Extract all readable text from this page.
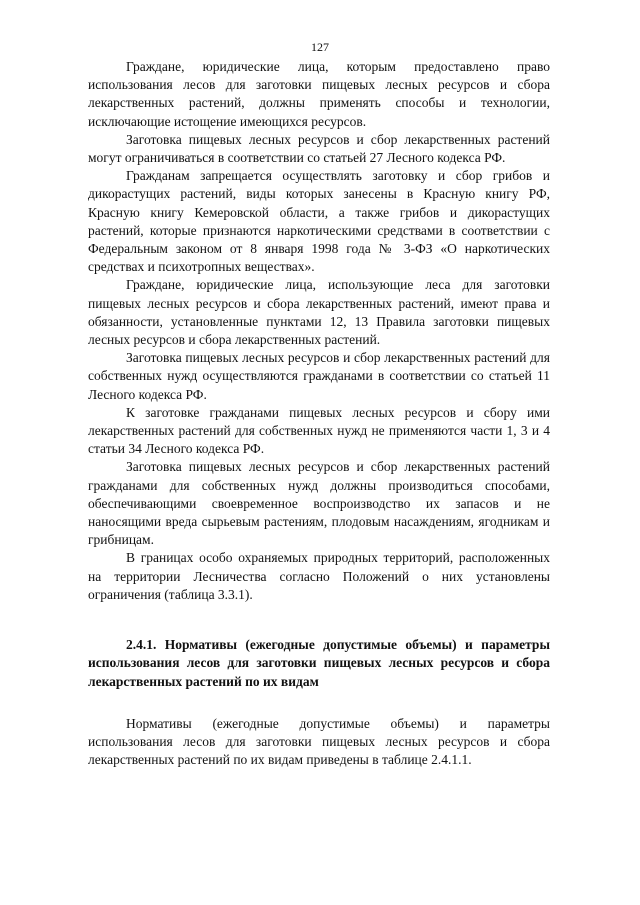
127

Граждане, юридические лица, которым предоставлено право использования лесов для заготовки пищевых лесных ресурсов и сбора лекарственных растений, должны применять способы и технологии, исключающие истощение имеющихся ресурсов.

Заготовка пищевых лесных ресурсов и сбор лекарственных растений могут ограничиваться в соответствии со статьей 27 Лесного кодекса РФ.

Гражданам запрещается осуществлять заготовку и сбор грибов и дикорастущих растений, виды которых занесены в Красную книгу РФ, Красную книгу Кемеровской области, а также грибов и дикорастущих растений, которые признаются наркотическими средствами в соответствии с Федеральным законом от 8 января 1998 года № 3-ФЗ «О наркотических средствах и психотропных веществах».

Граждане, юридические лица, использующие леса для заготовки пищевых лесных ресурсов и сбора лекарственных растений, имеют права и обязанности, установленные пунктами 12, 13 Правила заготовки пищевых лесных ресурсов и сбора лекарственных растений.

Заготовка пищевых лесных ресурсов и сбор лекарственных растений для собственных нужд осуществляются гражданами в соответствии со статьей 11 Лесного кодекса РФ.

К заготовке гражданами пищевых лесных ресурсов и сбору ими лекарственных растений для собственных нужд не применяются части 1, 3 и 4 статьи 34 Лесного кодекса РФ.

Заготовка пищевых лесных ресурсов и сбор лекарственных растений гражданами для собственных нужд должны производиться способами, обеспечивающими своевременное воспроизводство их запасов и не наносящими вреда сырьевым растениям, плодовым насаждениям, ягодникам и грибницам.

В границах особо охраняемых природных территорий, расположенных на территории Лесничества согласно Положений о них установлены ограничения (таблица 3.3.1).

2.4.1. Нормативы (ежегодные допустимые объемы) и параметры использования лесов для заготовки пищевых лесных ресурсов и сбора лекарственных растений по их видам

Нормативы (ежегодные допустимые объемы) и параметры использования лесов для заготовки пищевых лесных ресурсов и сбора лекарственных растений по их видам приведены в таблице 2.4.1.1.
